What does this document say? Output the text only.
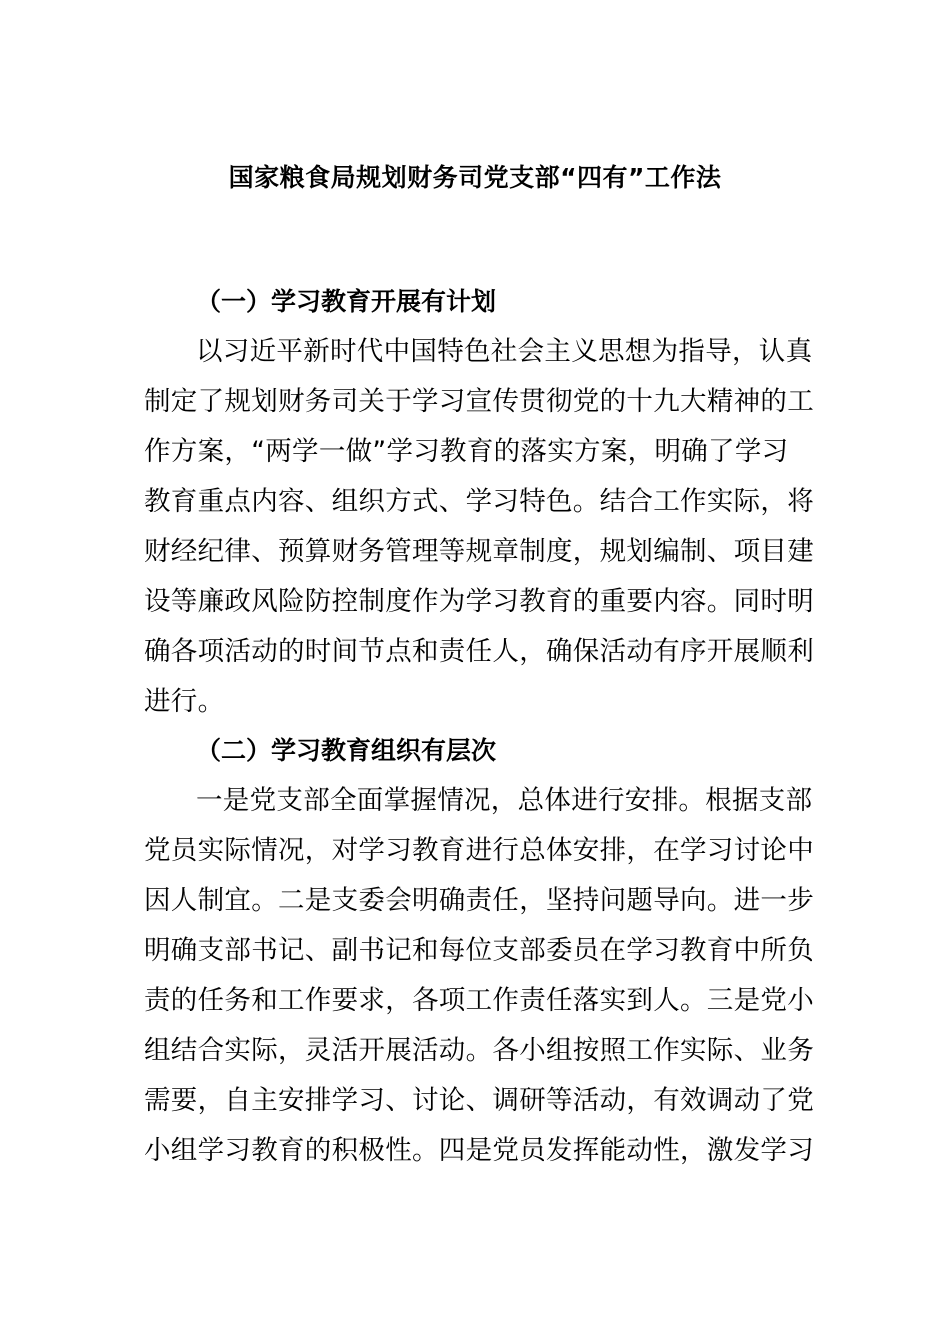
国家粮食局规划财务司党支部“四有”工作法
（一）学习教育开展有计划
以习近平新时代中国特色社会主义思想为指导，认真
制定了规划财务司关于学习宣传贯彻党的十九大精神的工
作方案，“两学一做”学习教育的落实方案，明确了学习
教育重点内容、组织方式、学习特色。结合工作实际，将
财经纪律、预算财务管理等规章制度，规划编制、项目建
设等廉政风险防控制度作为学习教育的重要内容。同时明
确各项活动的时间节点和责任人，确保活动有序开展顺利
进行。
（二）学习教育组织有层次
一是党支部全面掌握情况，总体进行安排。根据支部
党员实际情况，对学习教育进行总体安排，在学习讨论中
因人制宜。二是支委会明确责任，坚持问题导向。进一步
明确支部书记、副书记和每位支部委员在学习教育中所负
责的任务和工作要求，各项工作责任落实到人。三是党小
组结合实际，灵活开展活动。各小组按照工作实际、业务
需要，自主安排学习、讨论、调研等活动，有效调动了党
小组学习教育的积极性。四是党员发挥能动性，激发学习
